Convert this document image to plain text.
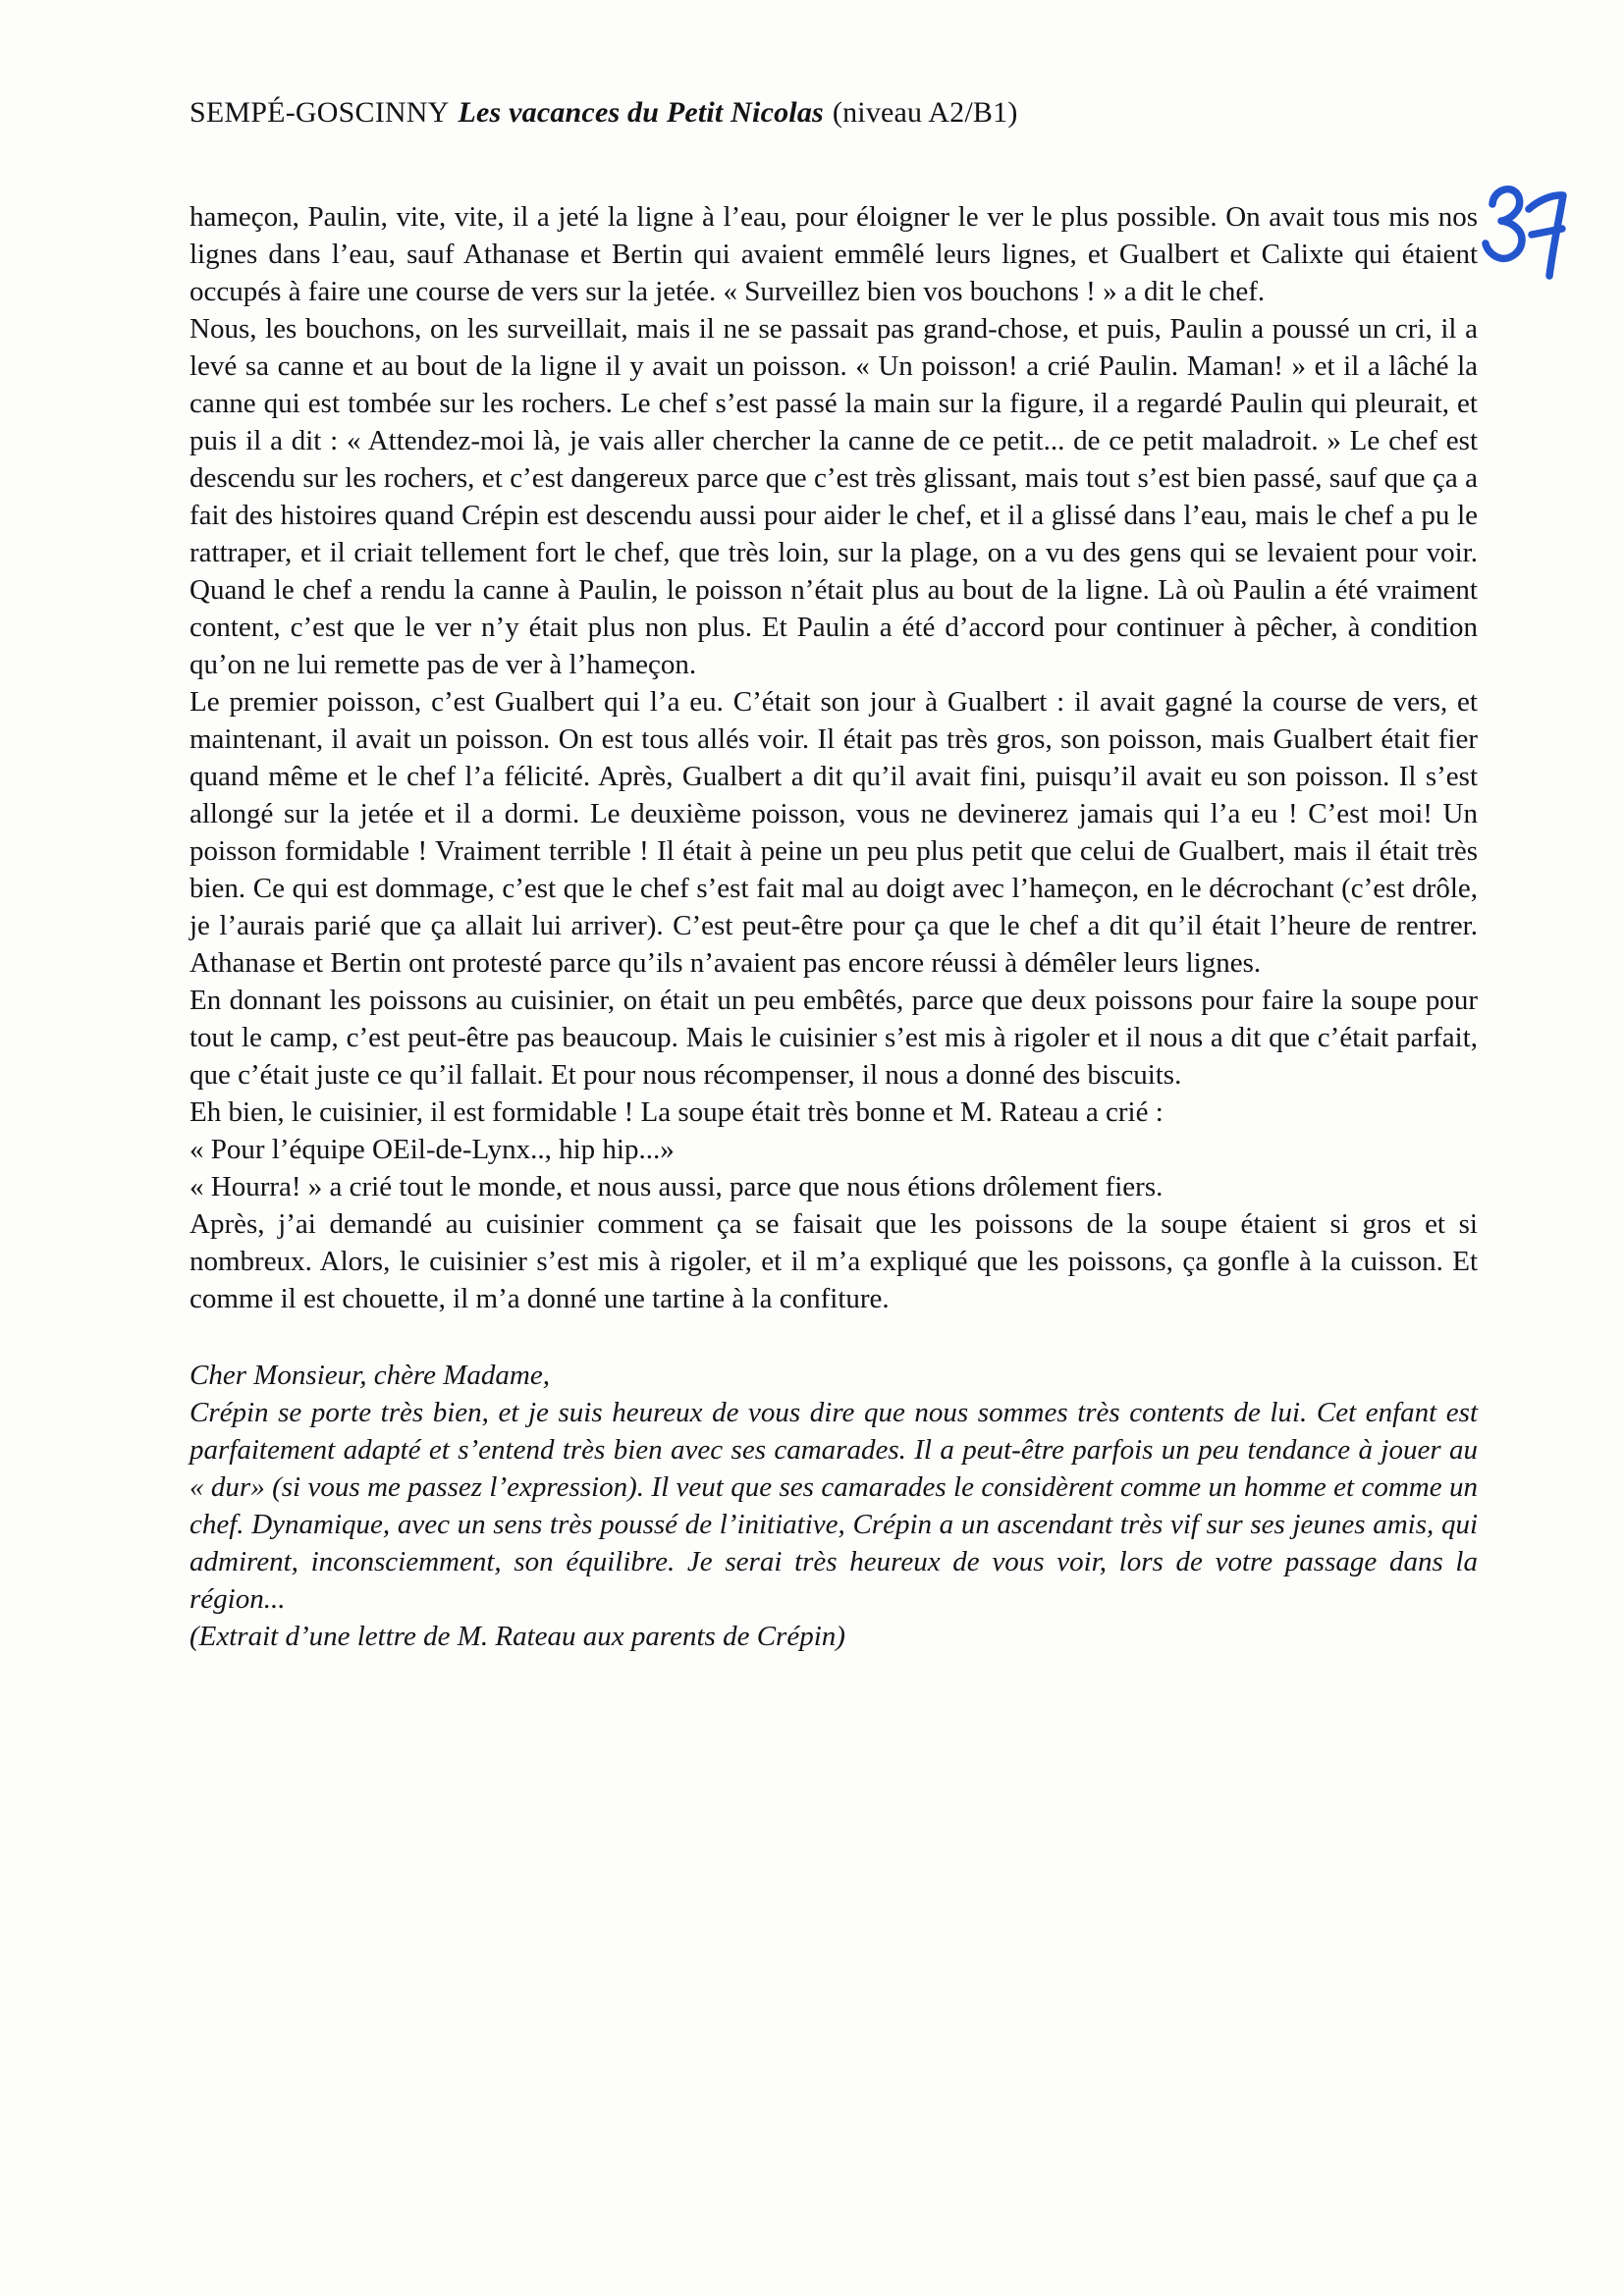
SEMPÉ-GOSCINNY Les vacances du Petit Nicolas (niveau A2/B1)

hameçon, Paulin, vite, vite, il a jeté la ligne à l’eau, pour éloigner le ver le plus possible. On avait tous mis nos lignes dans l’eau, sauf Athanase et Bertin qui avaient emmêlé leurs lignes, et Gualbert et Calixte qui étaient occupés à faire une course de vers sur la jetée. « Surveillez bien vos bouchons ! » a dit le chef.

Nous, les bouchons, on les surveillait, mais il ne se passait pas grand-chose, et puis, Paulin a poussé un cri, il a levé sa canne et au bout de la ligne il y avait un poisson. « Un poisson! a crié Paulin. Maman! » et il a lâché la canne qui est tombée sur les rochers. Le chef s’est passé la main sur la figure, il a regardé Paulin qui pleurait, et puis il a dit : « Attendez-moi là, je vais aller chercher la canne de ce petit... de ce petit maladroit. » Le chef est descendu sur les rochers, et c’est dangereux parce que c’est très glissant, mais tout s’est bien passé, sauf que ça a fait des histoires quand Crépin est descendu aussi pour aider le chef, et il a glissé dans l’eau, mais le chef a pu le rattraper, et il criait tellement fort le chef, que très loin, sur la plage, on a vu des gens qui se levaient pour voir. Quand le chef a rendu la canne à Paulin, le poisson n’était plus au bout de la ligne. Là où Paulin a été vraiment content, c’est que le ver n’y était plus non plus. Et Paulin a été d’accord pour continuer à pêcher, à condition qu’on ne lui remette pas de ver à l’hameçon.

Le premier poisson, c’est Gualbert qui l’a eu. C’était son jour à Gualbert : il avait gagné la course de vers, et maintenant, il avait un poisson. On est tous allés voir. Il était pas très gros, son poisson, mais Gualbert était fier quand même et le chef l’a félicité. Après, Gualbert a dit qu’il avait fini, puisqu’il avait eu son poisson. Il s’est allongé sur la jetée et il a dormi. Le deuxième poisson, vous ne devinerez jamais qui l’a eu ! C’est moi! Un poisson formidable ! Vraiment terrible ! Il était à peine un peu plus petit que celui de Gualbert, mais il était très bien. Ce qui est dommage, c’est que le chef s’est fait mal au doigt avec l’hameçon, en le décrochant (c’est drôle, je l’aurais parié que ça allait lui arriver). C’est peut-être pour ça que le chef a dit qu’il était l’heure de rentrer. Athanase et Bertin ont protesté parce qu’ils n’avaient pas encore réussi à démêler leurs lignes.

En donnant les poissons au cuisinier, on était un peu embêtés, parce que deux poissons pour faire la soupe pour tout le camp, c’est peut-être pas beaucoup. Mais le cuisinier s’est mis à rigoler et il nous a dit que c’était parfait, que c’était juste ce qu’il fallait. Et pour nous récompenser, il nous a donné des biscuits.

Eh bien, le cuisinier, il est formidable ! La soupe était très bonne et M. Rateau a crié :

« Pour l’équipe OEil-de-Lynx.., hip hip...»

« Hourra! » a crié tout le monde, et nous aussi, parce que nous étions drôlement fiers.

Après, j’ai demandé au cuisinier comment ça se faisait que les poissons de la soupe étaient si gros et si nombreux. Alors, le cuisinier s’est mis à rigoler, et il m’a expliqué que les poissons, ça gonfle à la cuisson. Et comme il est chouette, il m’a donné une tartine à la confiture.

Cher Monsieur, chère Madame,

Crépin se porte très bien, et je suis heureux de vous dire que nous sommes très contents de lui. Cet enfant est parfaitement adapté et s’entend très bien avec ses camarades. Il a peut-être parfois un peu tendance à jouer au « dur» (si vous me passez l’expression). Il veut que ses camarades le considèrent comme un homme et comme un chef. Dynamique, avec un sens très poussé de l’initiative, Crépin a un ascendant très vif sur ses jeunes amis, qui admirent, inconsciemment, son équilibre. Je serai très heureux de vous voir, lors de votre passage dans la région...

(Extrait d’une lettre de M. Rateau aux parents de Crépin)
